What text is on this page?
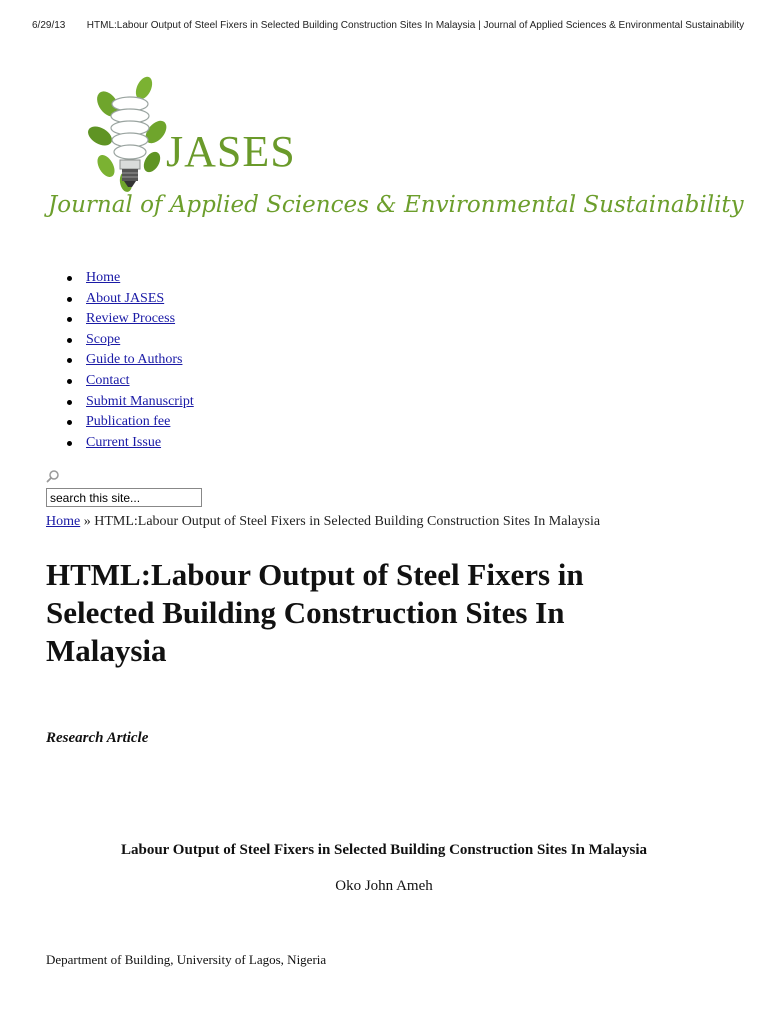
6/29/13 HTML:Labour Output of Steel Fixers in Selected Building Construction Sites In Malaysia | Journal of Applied Sciences & Environmental Sustainability
JASES
Journal of Applied Sciences & Environmental Sustainability
Home
About JASES
Review Process
Scope
Guide to Authors
Contact
Submit Manuscript
Publication fee
Current Issue
search this site...
Home » HTML:Labour Output of Steel Fixers in Selected Building Construction Sites In Malaysia
HTML:Labour Output of Steel Fixers in Selected Building Construction Sites In Malaysia

Research Article

Labour Output of Steel Fixers in Selected Building Construction Sites In Malaysia

Oko John Ameh

Department of Building, University of Lagos, Nigeria
